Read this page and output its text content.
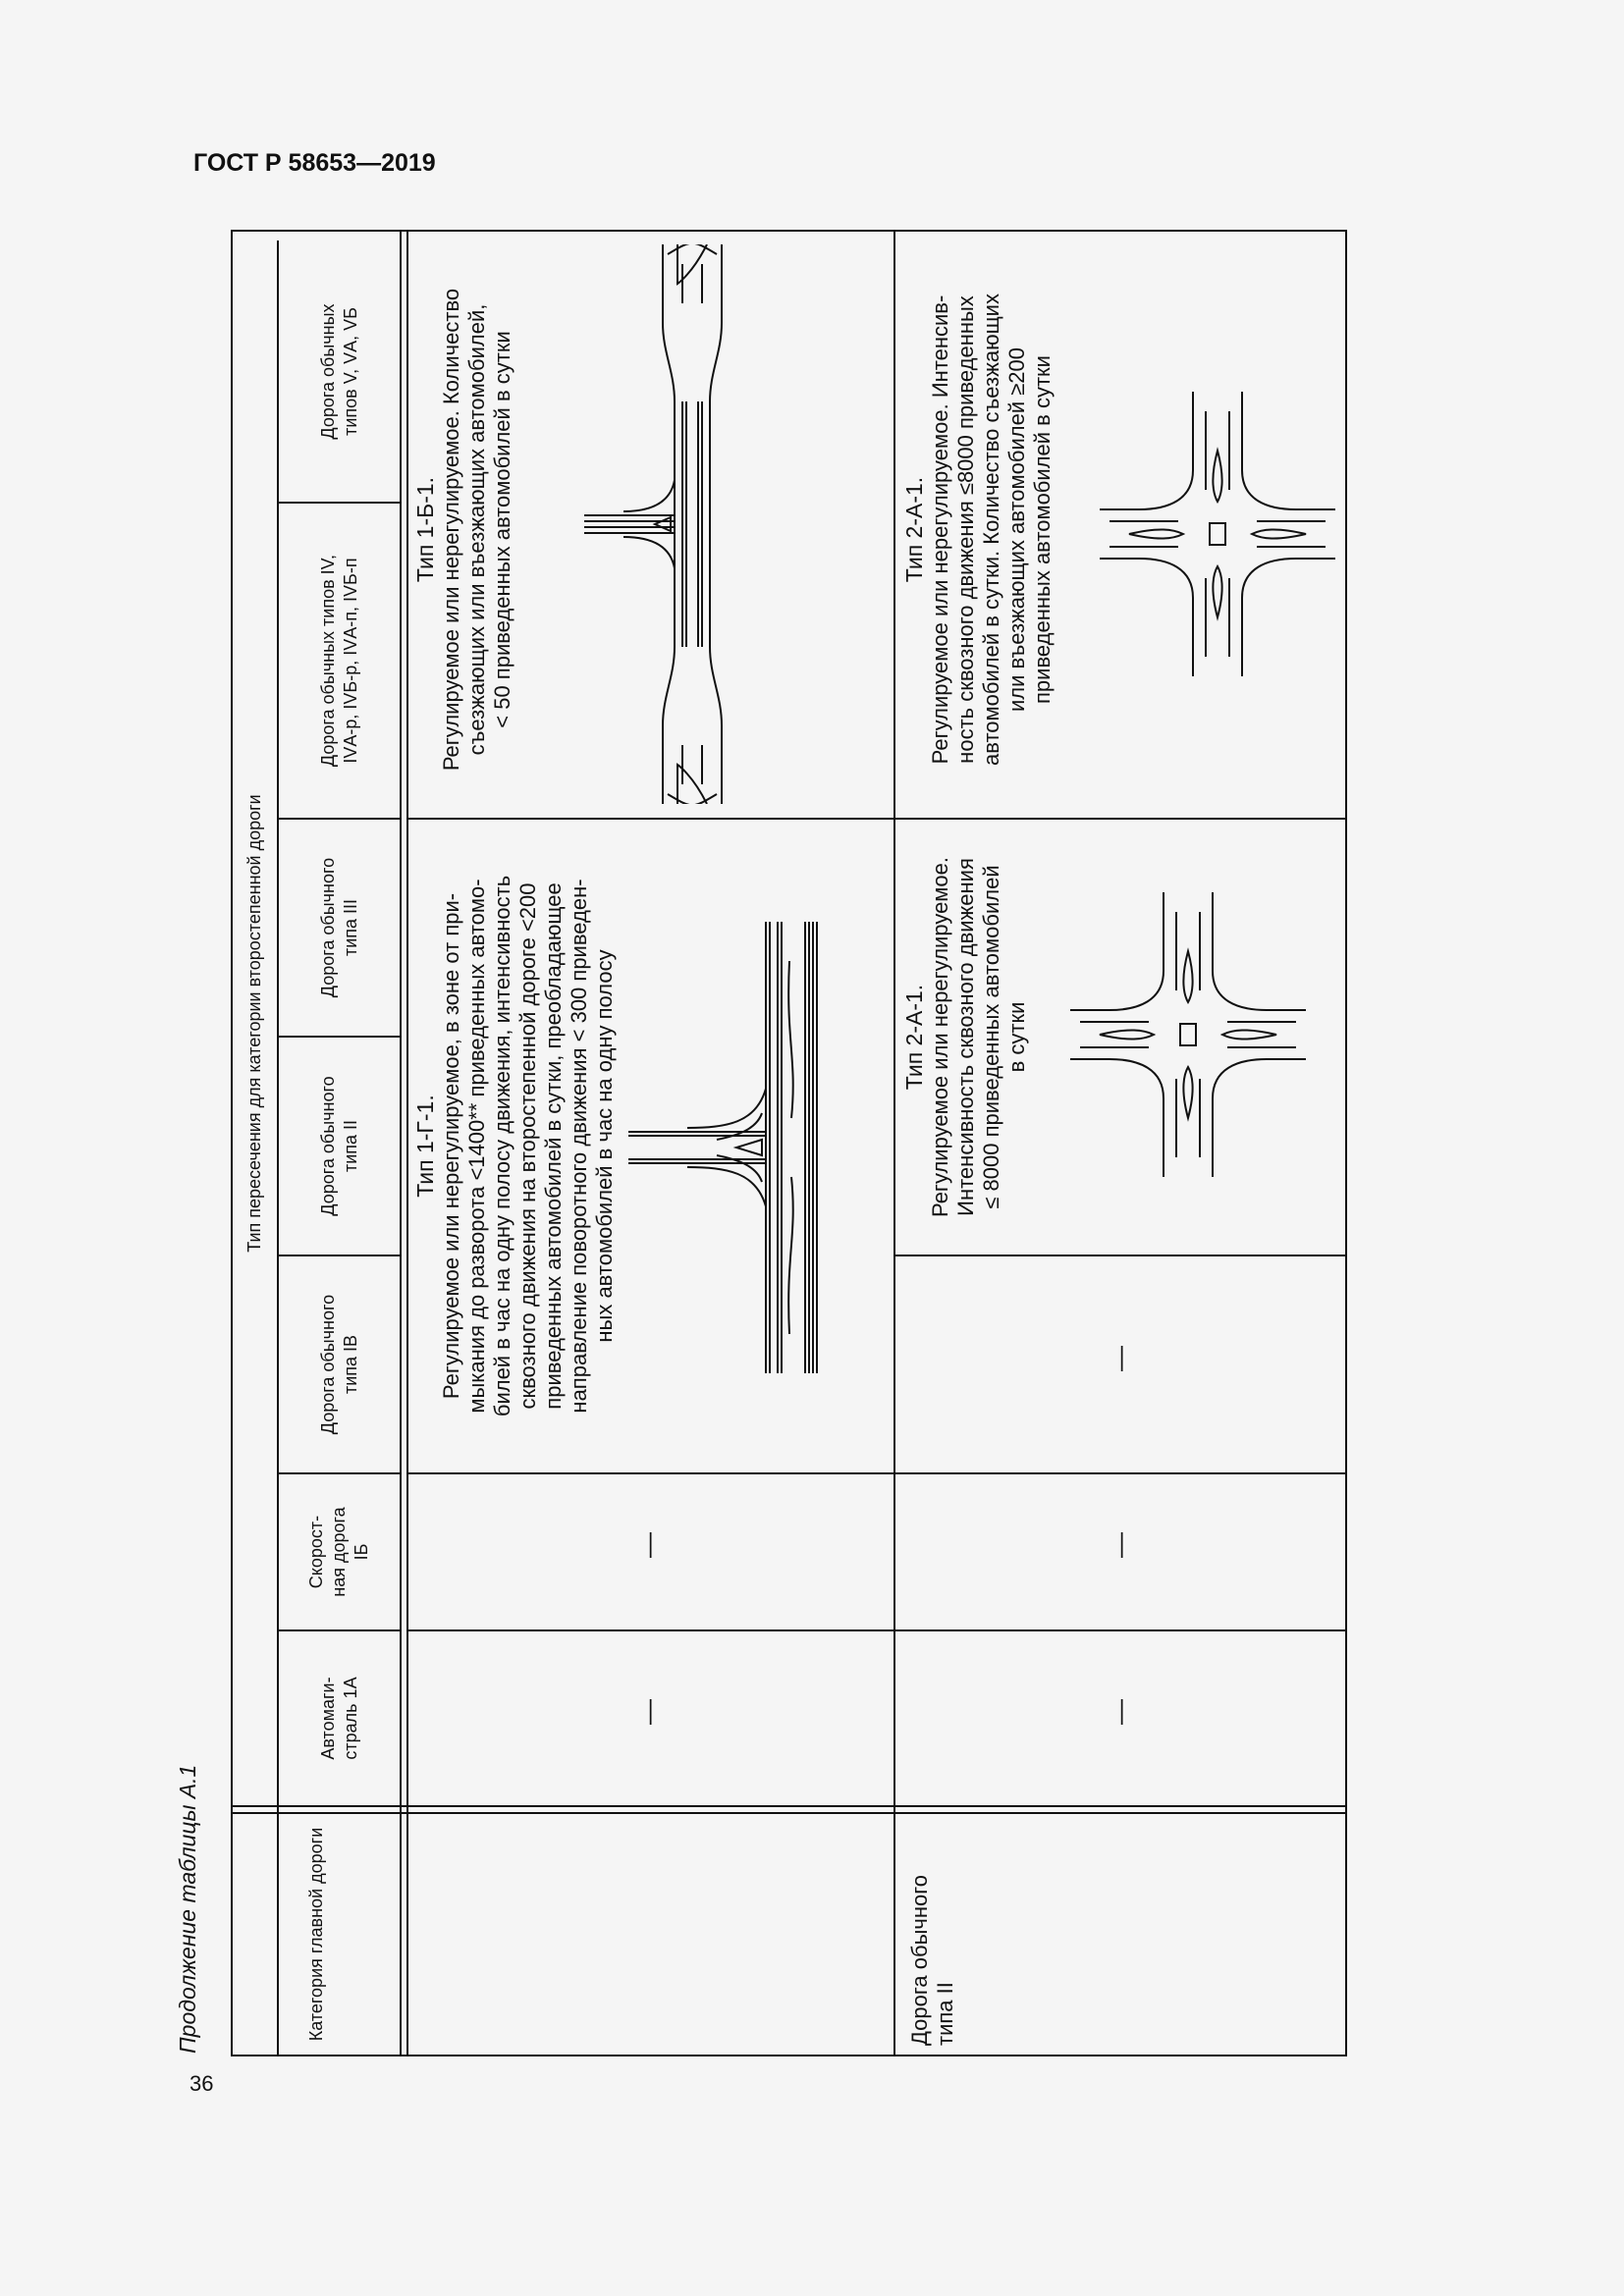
ГОСТ Р 58653—2019
36
Продолжение таблицы А.1	Категория главной дороги
Тип пересечения для категории второстепенной дороги
Автомаги-
страль 1А
Скорост-
ная дорога
IБ
Дорога обычного
типа IВ
Дорога обычного
типа II
Дорога обычного
типа III
Дорога обычных типов IV,
IVА-р, IVБ-р, IVА-п, IVБ-п
Дорога обычных
типов V, VА, VБ
—
—
Тип 1-Г-1.
Регулируемое или нерегулируемое, в зоне от при-
мыкания до разворота <1400** приведенных автомо-
билей в час на одну полосу движения, интенсивность
сквозного движения на второстепенной дороге <200
приведенных автомобилей в сутки, преобладающее
направление поворотного движения < 300 приведен-
ных автомобилей в час на одну полосу
Тип 1-Б-1.
Регулируемое или нерегулируемое. Количество
съезжающих или въезжающих автомобилей,
< 50 приведенных автомобилей в сутки
Дорога обычного
типа II
—
—
—
Тип 2-А-1.
Регулируемое или нерегулируемое.
Интенсивность сквозного движения
≤ 8000 приведенных автомобилей
в сутки
Тип 2-А-1.
Регулируемое или нерегулируемое. Интенсив-
ность сквозного движения ≤8000 приведенных
автомобилей в сутки. Количество съезжающих
или въезжающих автомобилей ≥200
приведенных автомобилей в сутки
